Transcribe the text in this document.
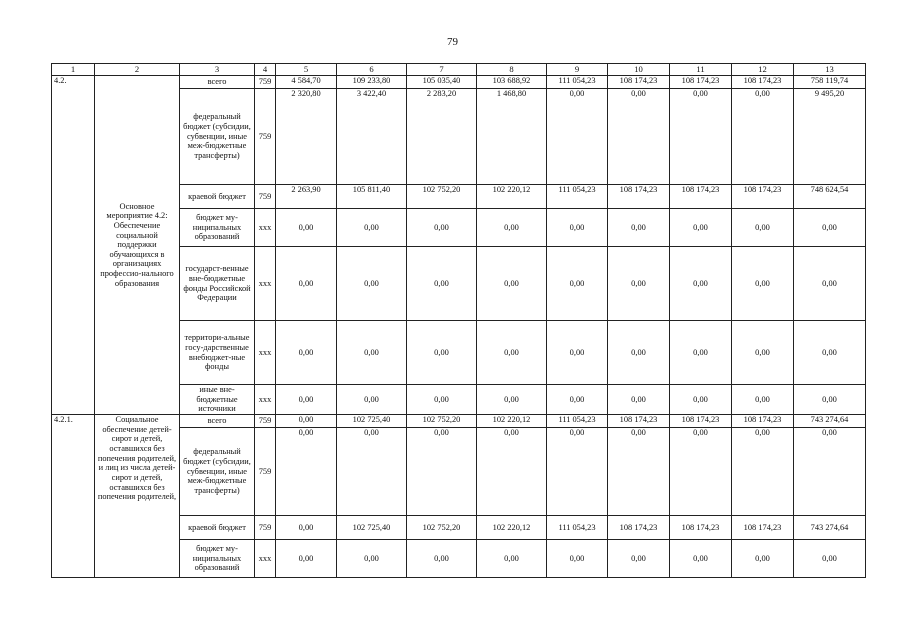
79
1	2	3	4	5	6	7	8	9	10	11	12	13
4.2.	Основное мероприятие 4.2: Обеспечение социальной поддержки обучающихся в организациях профессио-нального образования	всего	759	4 584,70	109 233,80	105 035,40	103 688,92	111 054,23	108 174,23	108 174,23	108 174,23	758 119,74
		федеральный бюджет (субсидии, субвенции, иные меж-бюджетные трансферты)	759	2 320,80	3 422,40	2 283,20	1 468,80	0,00	0,00	0,00	0,00	9 495,20
		краевой бюджет	759	2 263,90	105 811,40	102 752,20	102 220,12	111 054,23	108 174,23	108 174,23	108 174,23	748 624,54
		бюджет му-ниципальных образований	ххх	0,00	0,00	0,00	0,00	0,00	0,00	0,00	0,00	0,00
		государст-венные вне-бюджетные фонды Российской Федерации	ххх	0,00	0,00	0,00	0,00	0,00	0,00	0,00	0,00	0,00
		территори-альные госу-дарственные внебюджет-ные фонды	ххх	0,00	0,00	0,00	0,00	0,00	0,00	0,00	0,00	0,00
		иные вне-бюджетные источники	ххх	0,00	0,00	0,00	0,00	0,00	0,00	0,00	0,00	0,00
4.2.1.	Социальное обеспечение детей-сирот и детей, оставшихся без попечения родителей, и лиц из числа детей-сирот и детей, оставшихся без попечения родителей,	всего	759	0,00	102 725,40	102 752,20	102 220,12	111 054,23	108 174,23	108 174,23	108 174,23	743 274,64
		федеральный бюджет (субсидии, субвенции, иные меж-бюджетные трансферты)	759	0,00	0,00	0,00	0,00	0,00	0,00	0,00	0,00	0,00
		краевой бюджет	759	0,00	102 725,40	102 752,20	102 220,12	111 054,23	108 174,23	108 174,23	108 174,23	743 274,64
		бюджет му-ниципальных образований	ххх	0,00	0,00	0,00	0,00	0,00	0,00	0,00	0,00	0,00
